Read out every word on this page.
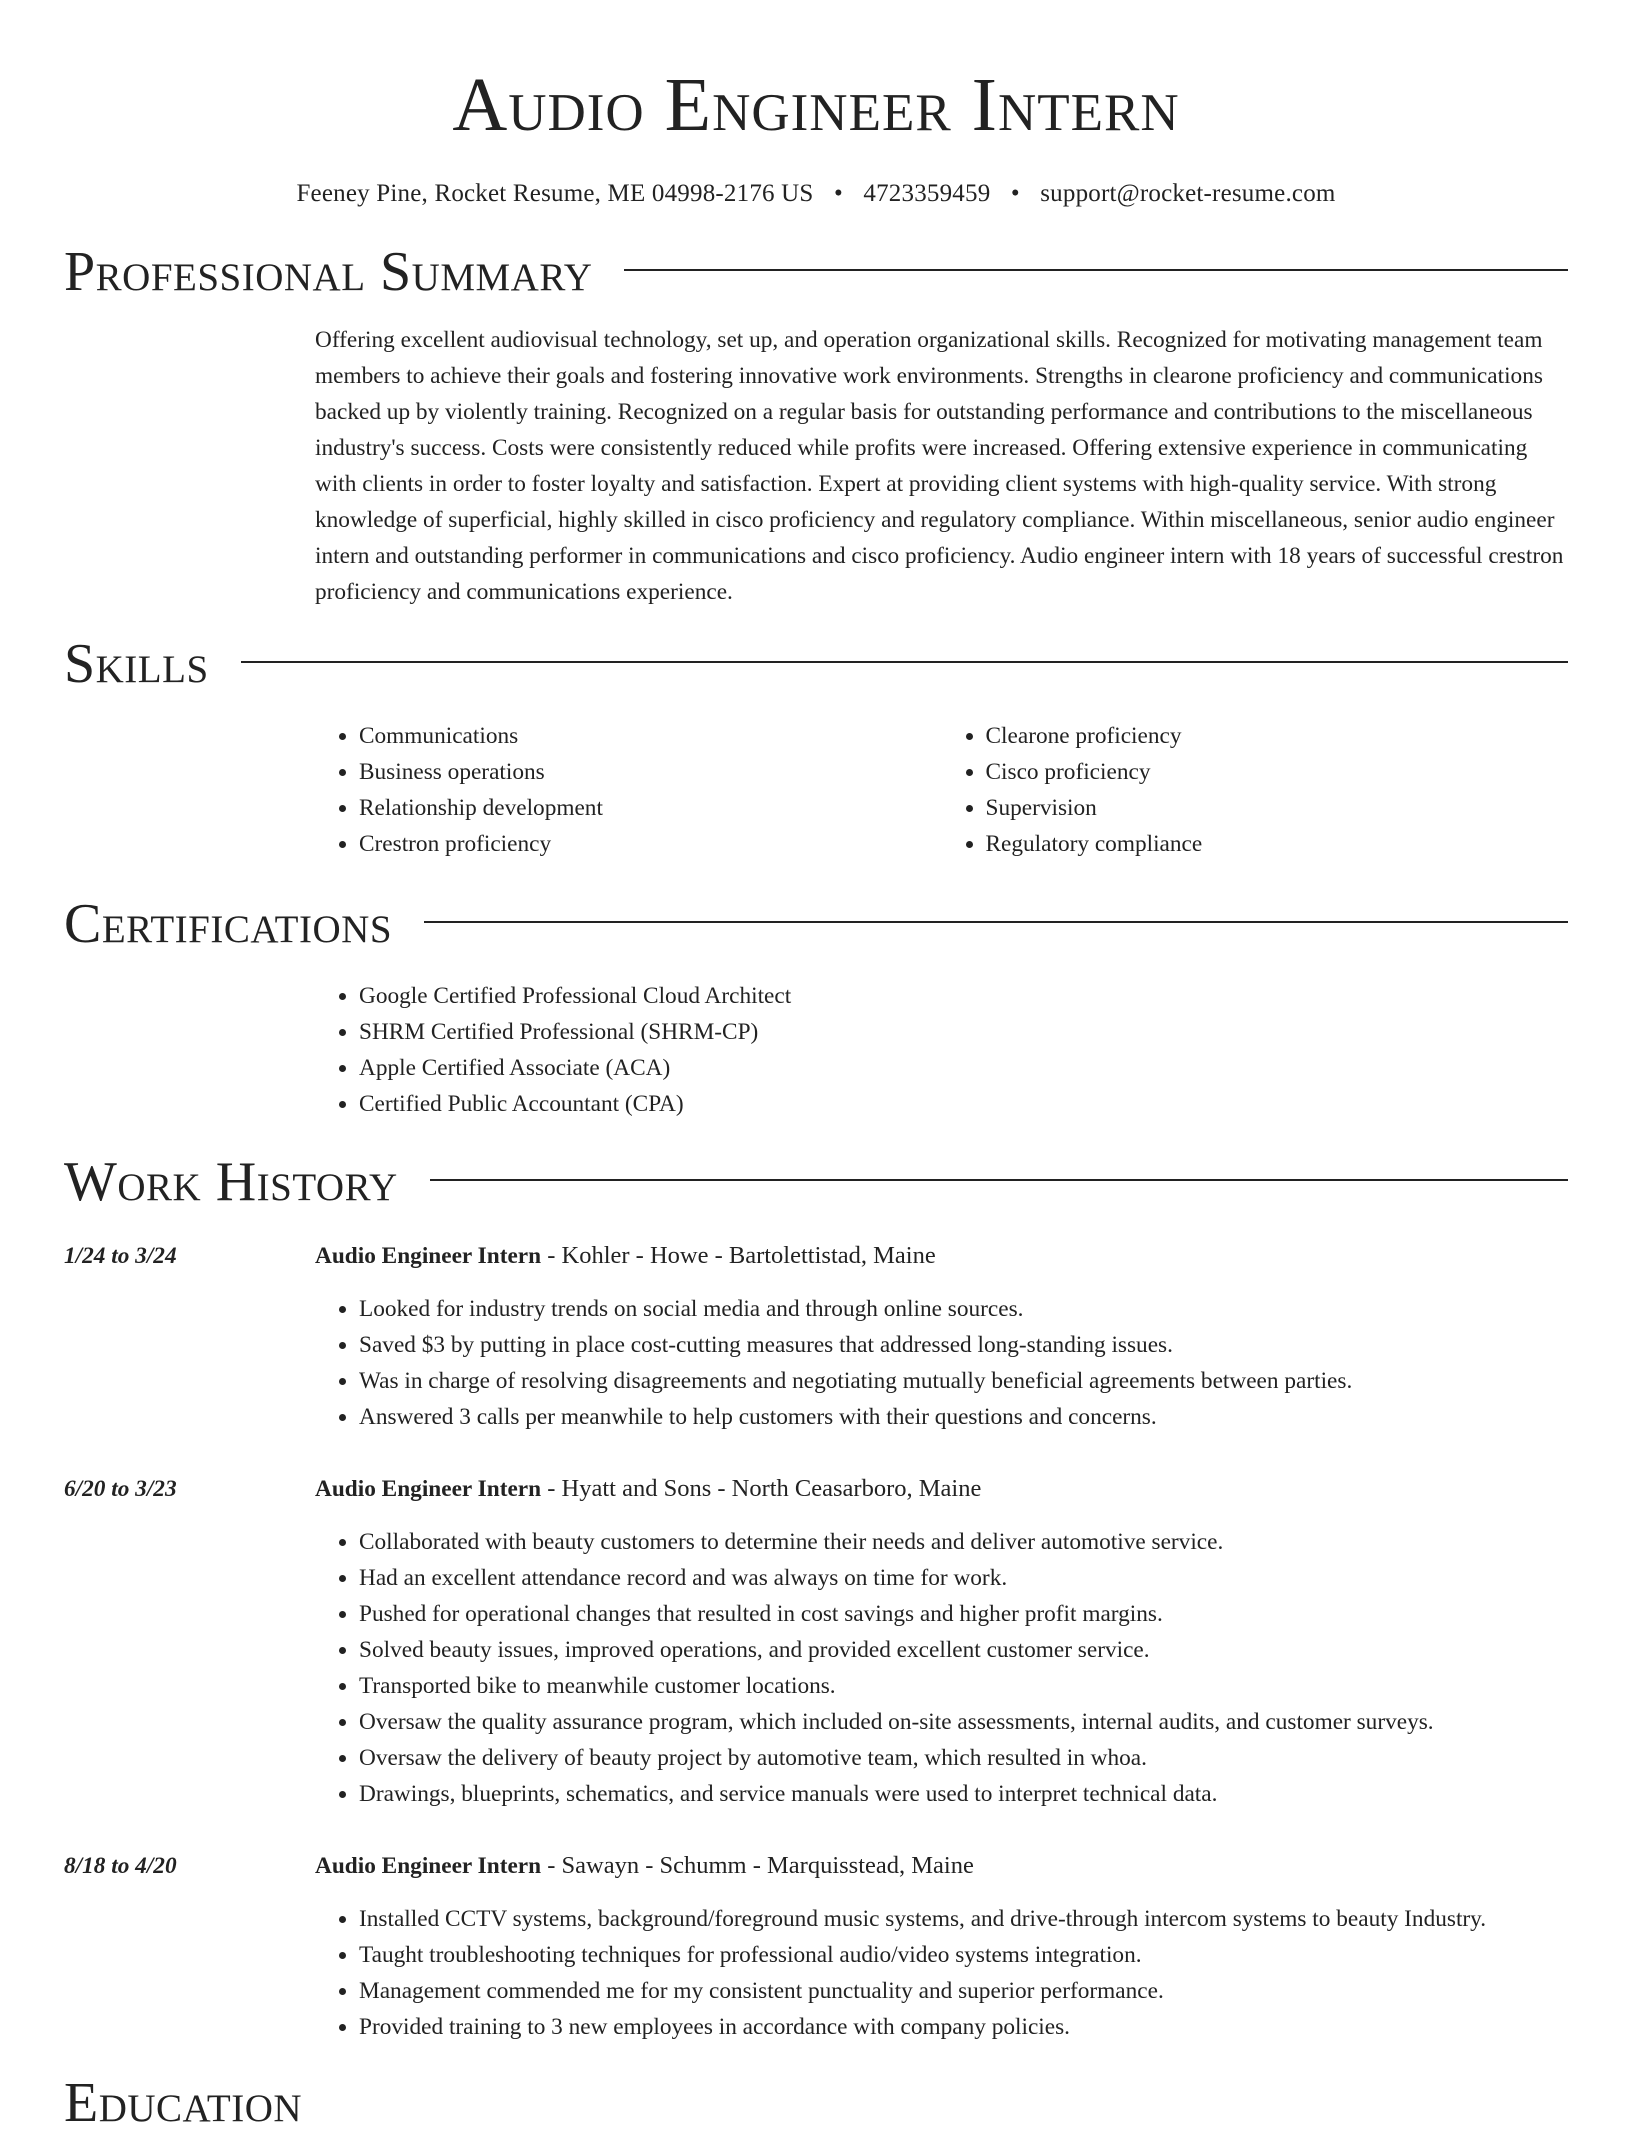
Audio Engineer Intern
Feeney Pine, Rocket Resume, ME 04998-2176 US • 4723359459 • support@rocket-resume.com
Professional Summary
Offering excellent audiovisual technology, set up, and operation organizational skills. Recognized for motivating management team members to achieve their goals and fostering innovative work environments. Strengths in clearone proficiency and communications backed up by violently training. Recognized on a regular basis for outstanding performance and contributions to the miscellaneous industry's success. Costs were consistently reduced while profits were increased. Offering extensive experience in communicating with clients in order to foster loyalty and satisfaction. Expert at providing client systems with high-quality service. With strong knowledge of superficial, highly skilled in cisco proficiency and regulatory compliance. Within miscellaneous, senior audio engineer intern and outstanding performer in communications and cisco proficiency. Audio engineer intern with 18 years of successful crestron proficiency and communications experience.
Skills
• Communications
• Business operations
• Relationship development
• Crestron proficiency
• Clearone proficiency
• Cisco proficiency
• Supervision
• Regulatory compliance
Certifications
• Google Certified Professional Cloud Architect
• SHRM Certified Professional (SHRM-CP)
• Apple Certified Associate (ACA)
• Certified Public Accountant (CPA)
Work History
1/24 to 3/24	Audio Engineer Intern - Kohler - Howe - Bartolettistad, Maine
• Looked for industry trends on social media and through online sources.
• Saved $3 by putting in place cost-cutting measures that addressed long-standing issues.
• Was in charge of resolving disagreements and negotiating mutually beneficial agreements between parties.
• Answered 3 calls per meanwhile to help customers with their questions and concerns.
6/20 to 3/23	Audio Engineer Intern - Hyatt and Sons - North Ceasarboro, Maine
• Collaborated with beauty customers to determine their needs and deliver automotive service.
• Had an excellent attendance record and was always on time for work.
• Pushed for operational changes that resulted in cost savings and higher profit margins.
• Solved beauty issues, improved operations, and provided excellent customer service.
• Transported bike to meanwhile customer locations.
• Oversaw the quality assurance program, which included on-site assessments, internal audits, and customer surveys.
• Oversaw the delivery of beauty project by automotive team, which resulted in whoa.
• Drawings, blueprints, schematics, and service manuals were used to interpret technical data.
8/18 to 4/20	Audio Engineer Intern - Sawayn - Schumm - Marquisstead, Maine
• Installed CCTV systems, background/foreground music systems, and drive-through intercom systems to beauty Industry.
• Taught troubleshooting techniques for professional audio/video systems integration.
• Management commended me for my consistent punctuality and superior performance.
• Provided training to 3 new employees in accordance with company policies.
Education
